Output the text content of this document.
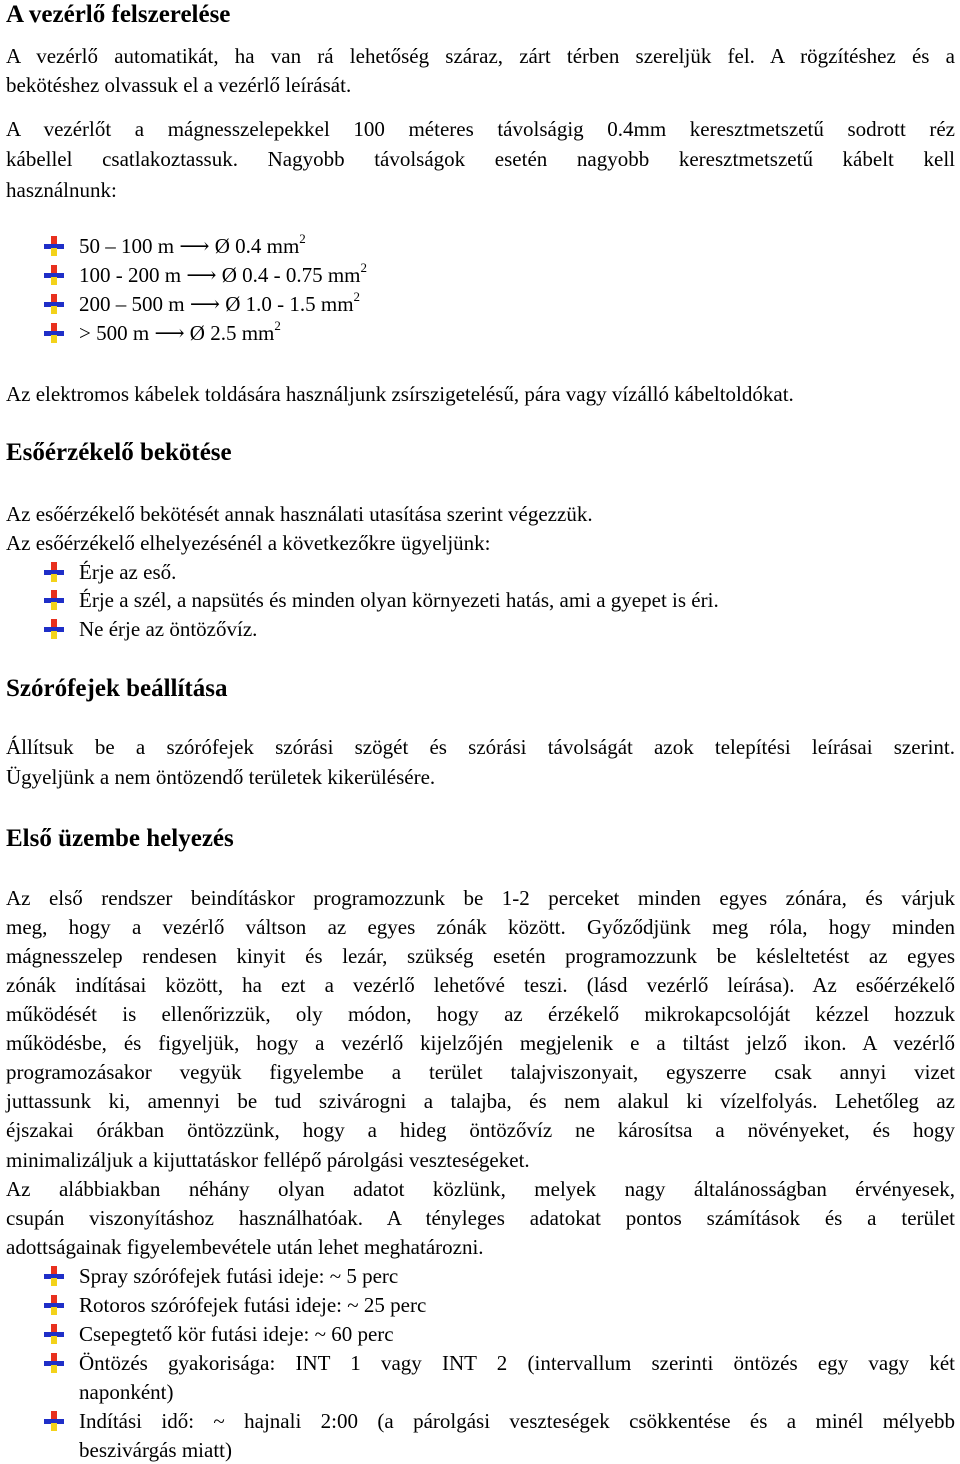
A vezérlő felszerelése
A vezérlő automatikát, ha van rá lehetőség száraz, zárt térben szereljük fel. A rögzítéshez és a
bekötéshez olvassuk el a vezérlő leírását.
A vezérlőt a mágnesszelepekkel 100 méteres távolságig 0.4mm keresztmetszetű sodrott réz
kábellel csatlakoztassuk. Nagyobb távolságok esetén nagyobb keresztmetszetű kábelt kell
használnunk:
50 – 100 m ⟶ Ø 0.4 $mm^2$
100 - 200 m ⟶ Ø 0.4 - 0.75 $mm^2$
200 – 500 m ⟶ Ø 1.0 - 1.5 $mm^2$
> 500 m ⟶ Ø 2.5 $mm^2$
Az elektromos kábelek toldására használjunk zsírszigetelésű, pára vagy vízálló kábeltoldókat.
Esőérzékelő bekötése
Az esőérzékelő bekötését annak használati utasítása szerint végezzük.
Az esőérzékelő elhelyezésénél a következőkre ügyeljünk:
Érje az eső.
Érje a szél, a napsütés és minden olyan környezeti hatás, ami a gyepet is éri.
Ne érje az öntözővíz.
Szórófejek beállítása
Állítsuk be a szórófejek szórási szögét és szórási távolságát azok telepítési leírásai szerint.
Ügyeljünk a nem öntözendő területek kikerülésére.
Első üzembe helyezés
Az első rendszer beindításkor programozzunk be 1-2 perceket minden egyes zónára, és várjuk
meg, hogy a vezérlő váltson az egyes zónák között. Győződjünk meg róla, hogy minden
mágnesszelep rendesen kinyit és lezár, szükség esetén programozzunk be késleltetést az egyes
zónák indításai között, ha ezt a vezérlő lehetővé teszi. (lásd vezérlő leírása). Az esőérzékelő
működését is ellenőrizzük, oly módon, hogy az érzékelő mikrokapcsolóját kézzel hozzuk
működésbe, és figyeljük, hogy a vezérlő kijelzőjén megjelenik e a tiltást jelző ikon. A vezérlő
programozásakor vegyük figyelembe a terület talajviszonyait, egyszerre csak annyi vizet
juttassunk ki, amennyi be tud szivárogni a talajba, és nem alakul ki vízelfolyás. Lehetőleg az
éjszakai órákban öntözzünk, hogy a hideg öntözővíz ne károsítsa a növényeket, és hogy
minimalizáljuk a kijuttatáskor fellépő párolgási veszteségeket.
Az alábbiakban néhány olyan adatot közlünk, melyek nagy általánosságban érvényesek,
csupán viszonyításhoz használhatóak. A tényleges adatokat pontos számítások és a terület
adottságainak figyelembevétele után lehet meghatározni.
Spray szórófejek futási ideje: ~ 5 perc
Rotoros szórófejek futási ideje: ~ 25 perc
Csepegtető kör futási ideje: ~ 60 perc
Öntözés gyakorisága: INT 1 vagy INT 2 (intervallum szerinti öntözés egy vagy két
naponként)
Indítási idő: ~ hajnali 2:00 (a párolgási veszteségek csökkentése és a minél mélyebb
beszivárgás miatt)
